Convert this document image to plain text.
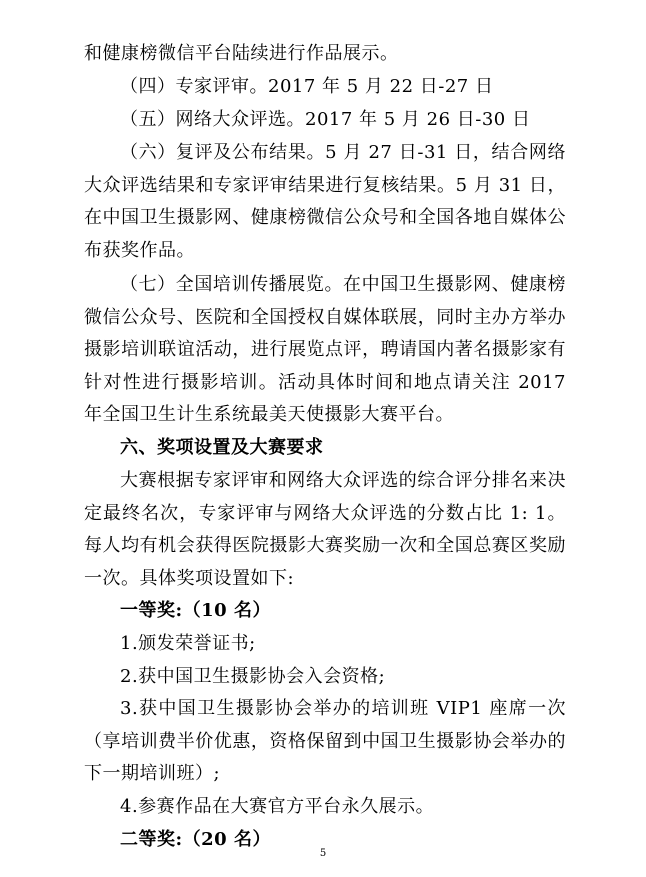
和健康榜微信平台陆续进行作品展示。

（四）专家评审。2017 年 5 月 22 日-27 日

（五）网络大众评选。2017 年 5 月 26 日-30 日

（六）复评及公布结果。5 月 27 日-31 日，结合网络大众评选结果和专家评审结果进行复核结果。5 月 31 日，在中国卫生摄影网、健康榜微信公众号和全国各地自媒体公布获奖作品。

（七）全国培训传播展览。在中国卫生摄影网、健康榜微信公众号、医院和全国授权自媒体联展，同时主办方举办摄影培训联谊活动，进行展览点评，聘请国内著名摄影家有针对性进行摄影培训。活动具体时间和地点请关注 2017 年全国卫生计生系统最美天使摄影大赛平台。

六、奖项设置及大赛要求

大赛根据专家评审和网络大众评选的综合评分排名来决定最终名次，专家评审与网络大众评选的分数占比 1: 1。每人均有机会获得医院摄影大赛奖励一次和全国总赛区奖励一次。具体奖项设置如下:

一等奖:（10 名）

1.颁发荣誉证书;

2.获中国卫生摄影协会入会资格;

3.获中国卫生摄影协会举办的培训班 VIP1 座席一次（享培训费半价优惠，资格保留到中国卫生摄影协会举办的下一期培训班）;

4.参赛作品在大赛官方平台永久展示。

二等奖:（20 名）

5
